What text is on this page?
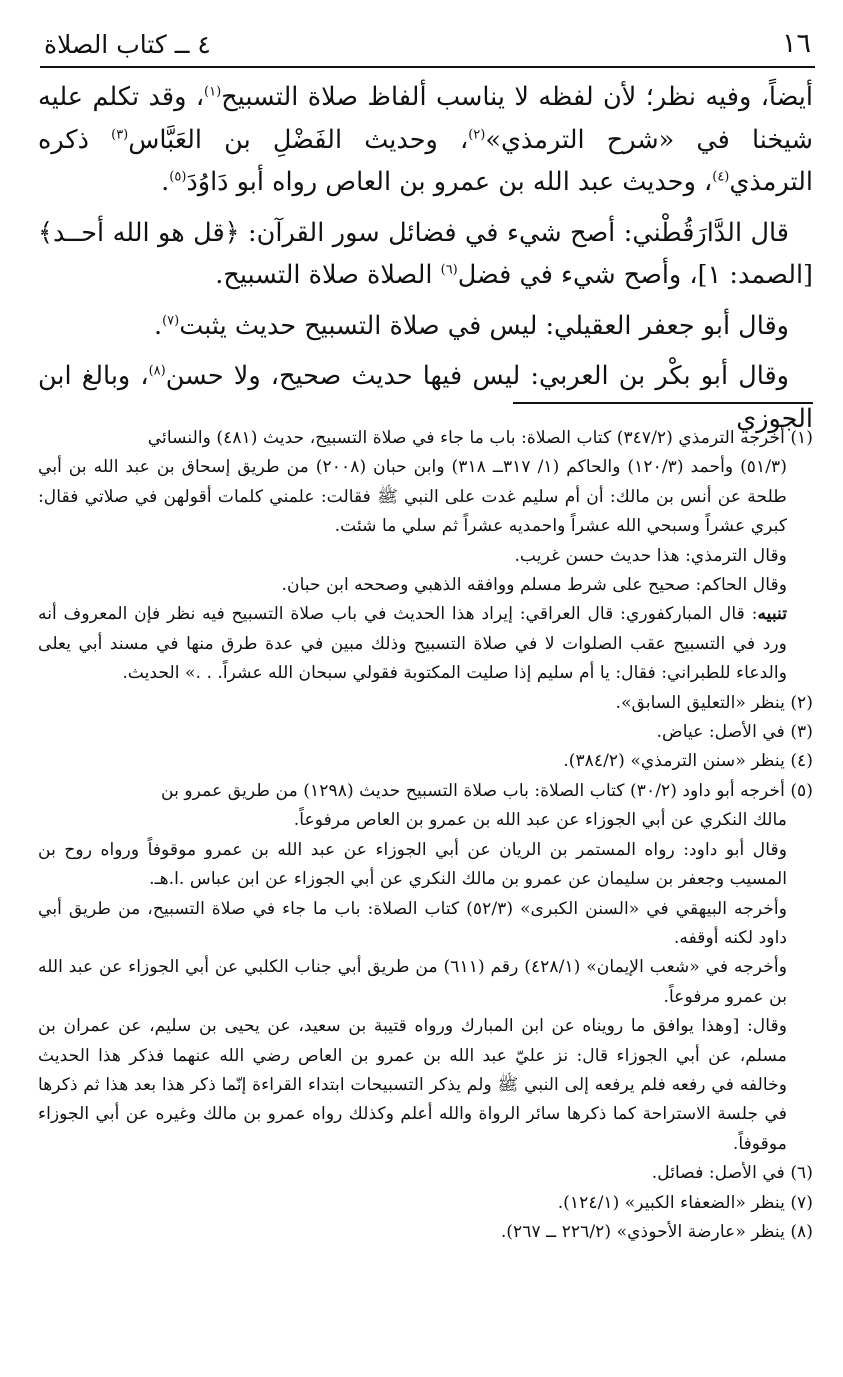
١٦
٤ ــ كتاب الصلاة

أيضاً، وفيه نظر؛ لأن لفظه لا يناسب ألفاظ صلاة التسبيح$^{(١)}$، وقد تكلم عليه شيخنا في «شرح الترمذي»$^{(٢)}$، وحديث الفَضْلِ بن العَبَّاس$^{(٣)}$ ذكره الترمذي$^{(٤)}$، وحديث عبد الله بن عمرو بن العاص رواه أبو دَاوُدَ$^{(٥)}$.

قال الدَّارَقُطْني: أصح شيء في فضائل سور القرآن: ﴿قل هو الله أحــد﴾ [الصمد: ١]، وأصح شيء في فضل$^{(٦)}$ الصلاة صلاة التسبيح.

وقال أبو جعفر العقيلي: ليس في صلاة التسبيح حديث يثبت$^{(٧)}$.

وقال أبو بكْر بن العربي: ليس فيها حديث صحيح، ولا حسن$^{(٨)}$، وبالغ ابن الجوزي

(١) أخرجه الترمذي (٣٤٧/٢) كتاب الصلاة: باب ما جاء في صلاة التسبيح، حديث (٤٨١) والنسائي

(٥١/٣) وأحمد (١٢٠/٣) والحاكم (١/ ٣١٧ــ ٣١٨) وابن حبان (٢٠٠٨) من طريق إسحاق بن عبد الله بن أبي طلحة عن أنس بن مالك: أن أم سليم غدت على النبي ﷺ فقالت: علمني كلمات أقولهن في صلاتي فقال: كبري عشراً وسبحي الله عشراً واحمديه عشراً ثم سلي ما شئت.

وقال الترمذي: هذا حديث حسن غريب.

وقال الحاكم: صحيح على شرط مسلم ووافقه الذهبي وصححه ابن حبان.

تنبيه: قال المباركفوري: قال العراقي: إيراد هذا الحديث في باب صلاة التسبيح فيه نظر فإن المعروف أنه ورد في التسبيح عقب الصلوات لا في صلاة التسبيح وذلك مبين في عدة طرق منها في مسند أبي يعلى والدعاء للطبراني: فقال: يا أم سليم إذا صليت المكتوبة فقولي سبحان الله عشراً. . .» الحديث.

(٢) ينظر «التعليق السابق».

(٣) في الأصل: عياض.

(٤) ينظر «سنن الترمذي» (٣٨٤/٢).

(٥) أخرجه أبو داود (٣٠/٢) كتاب الصلاة: باب صلاة التسبيح حديث (١٢٩٨) من طريق عمرو بن

مالك النكري عن أبي الجوزاء عن عبد الله بن عمرو بن العاص مرفوعاً.

وقال أبو داود: رواه المستمر بن الريان عن أبي الجوزاء عن عبد الله بن عمرو موقوفاً ورواه روح بن المسيب وجعفر بن سليمان عن عمرو بن مالك النكري عن أبي الجوزاء عن ابن عباس .ا.هـ.

وأخرجه البيهقي في «السنن الكبرى» (٥٢/٣) كتاب الصلاة: باب ما جاء في صلاة التسبيح، من طريق أبي داود لكنه أوقفه.

وأخرجه في «شعب الإيمان» (٤٢٨/١) رقم (٦١١) من طريق أبي جناب الكلبي عن أبي الجوزاء عن عبد الله بن عمرو مرفوعاً.

وقال: [وهذا يوافق ما رويناه عن ابن المبارك ورواه قتيبة بن سعيد، عن يحيى بن سليم، عن عمران بن مسلم، عن أبي الجوزاء قال: نز عليّ عبد الله بن عمرو بن العاص رضي الله عنهما فذكر هذا الحديث وخالفه في رفعه فلم يرفعه إلى النبي ﷺ ولم يذكر التسبيحات ابتداء القراءة إنّما ذكر هذا بعد هذا ثم ذكرها في جلسة الاستراحة كما ذكرها سائر الرواة والله أعلم وكذلك رواه عمرو بن مالك وغيره عن أبي الجوزاء موقوفاً.

(٦) في الأصل: فصائل.

(٧) ينظر «الضعفاء الكبير» (١٢٤/١).

(٨) ينظر «عارضة الأحوذي» (٢٢٦/٢ ــ ٢٦٧).
